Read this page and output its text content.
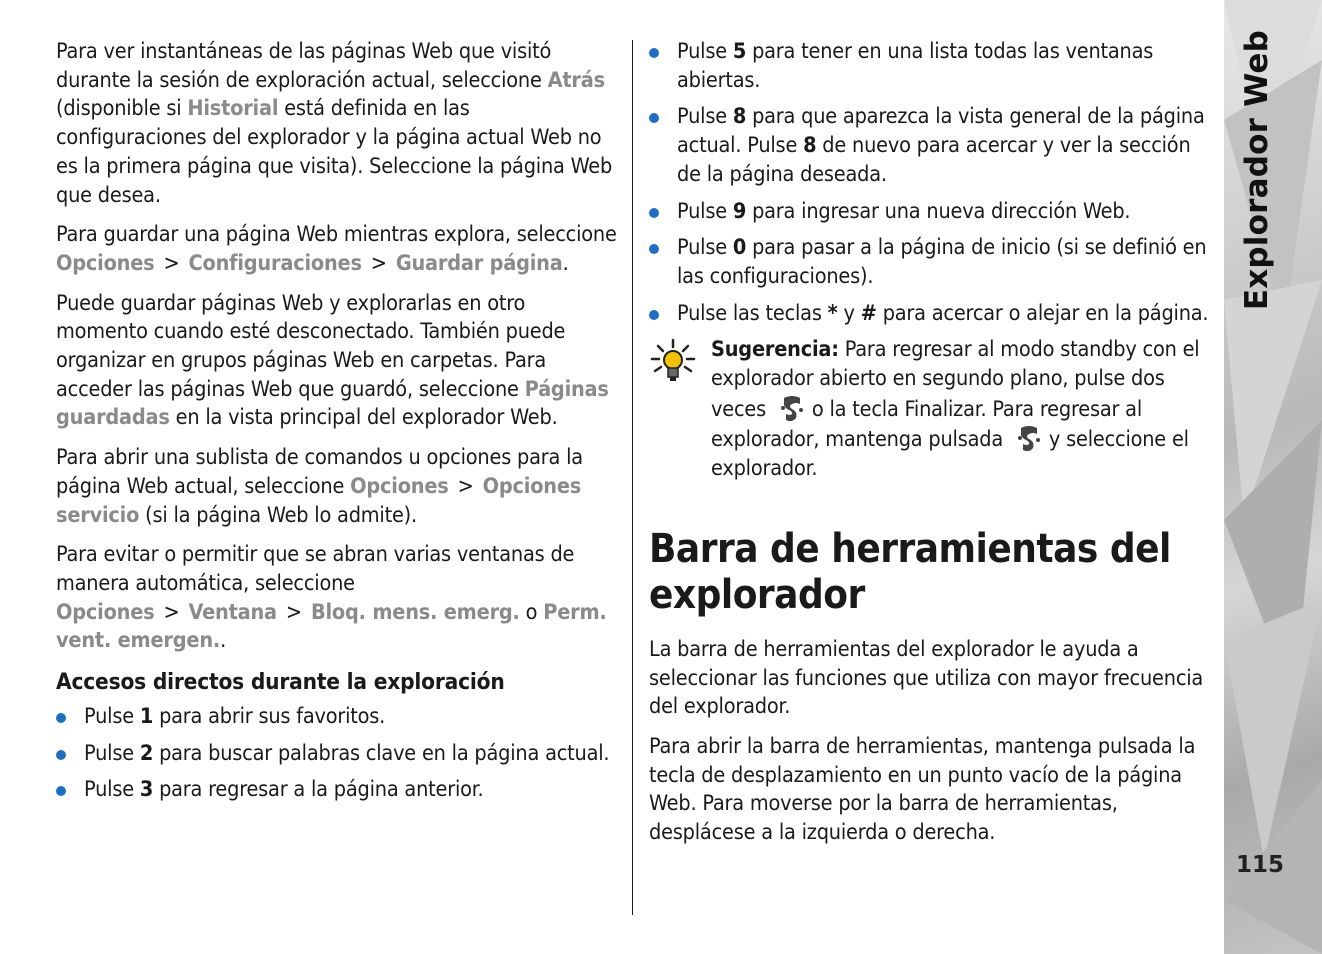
Explorador Web
115

Para ver instantáneas de las páginas Web que visitó durante la sesión de exploración actual, seleccione Atrás (disponible si Historial está definida en las configuraciones del explorador y la página actual Web no es la primera página que visita). Seleccione la página Web que desea.

Para guardar una página Web mientras explora, seleccione Opciones > Configuraciones > Guardar página.

Puede guardar páginas Web y explorarlas en otro momento cuando esté desconectado. También puede organizar en grupos páginas Web en carpetas. Para acceder las páginas Web que guardó, seleccione Páginas guardadas en la vista principal del explorador Web.

Para abrir una sublista de comandos u opciones para la página Web actual, seleccione Opciones > Opciones servicio (si la página Web lo admite).

Para evitar o permitir que se abran varias ventanas de manera automática, seleccione Opciones > Ventana > Bloq. mens. emerg. o Perm. vent. emergen..

Accesos directos durante la exploración
Pulse 1 para abrir sus favoritos.
Pulse 2 para buscar palabras clave en la página actual.
Pulse 3 para regresar a la página anterior.
Pulse 5 para tener en una lista todas las ventanas abiertas.
Pulse 8 para que aparezca la vista general de la página actual. Pulse 8 de nuevo para acercar y ver la sección de la página deseada.
Pulse 9 para ingresar una nueva dirección Web.
Pulse 0 para pasar a la página de inicio (si se definió en las configuraciones).
Pulse las teclas * y # para acercar o alejar en la página.
Sugerencia: Para regresar al modo standby con el explorador abierto en segundo plano, pulse dos veces o la tecla Finalizar. Para regresar al explorador, mantenga pulsada y seleccione el explorador.
Barra de herramientas del explorador

La barra de herramientas del explorador le ayuda a seleccionar las funciones que utiliza con mayor frecuencia del explorador.

Para abrir la barra de herramientas, mantenga pulsada la tecla de desplazamiento en un punto vacío de la página Web. Para moverse por la barra de herramientas, desplácese a la izquierda o derecha.
